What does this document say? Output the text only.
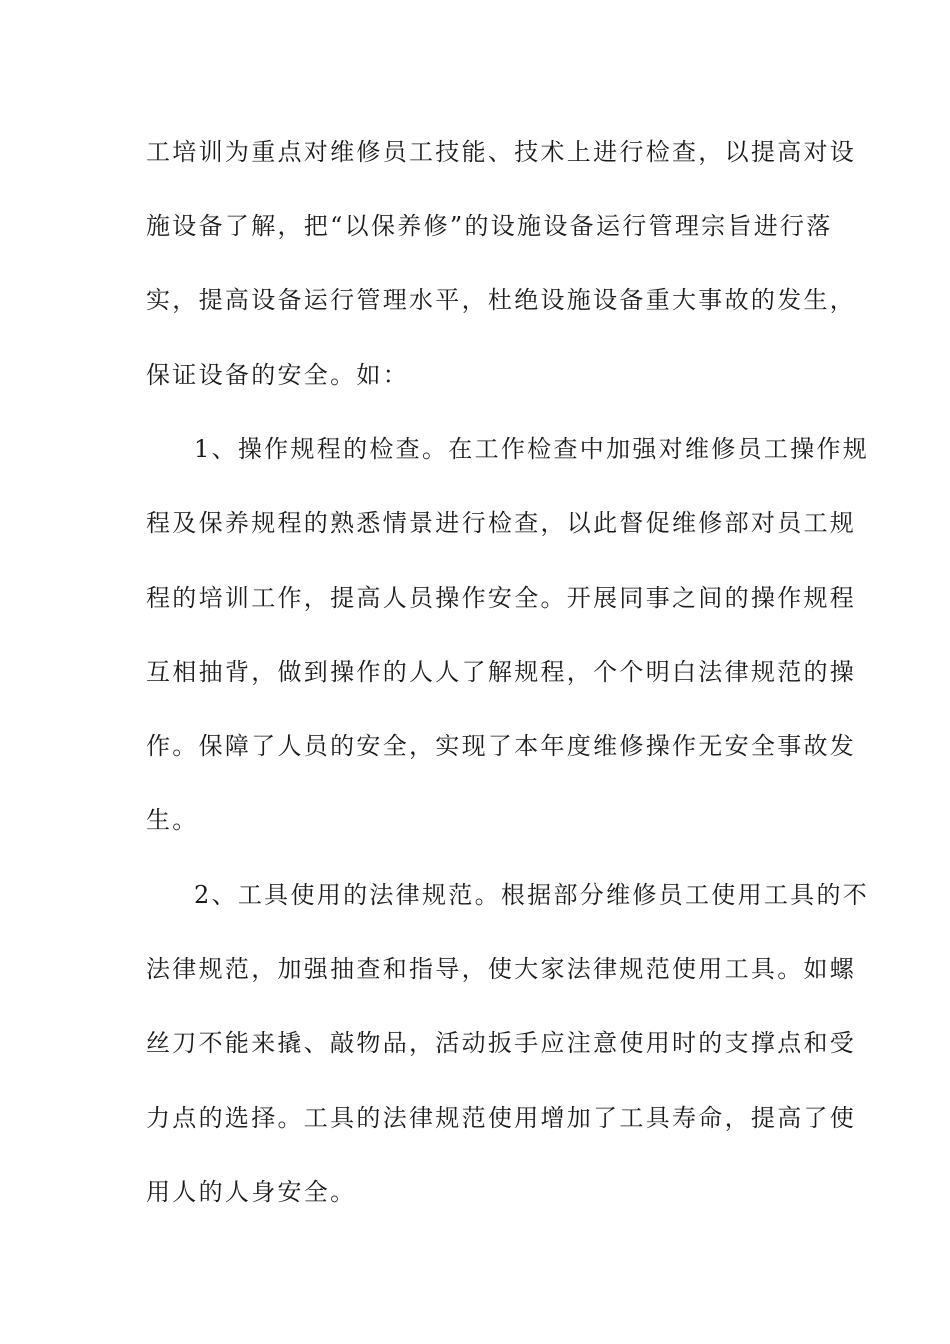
工培训为重点对维修员工技能、技术上进行检查，以提高对设
施设备了解，把“以保养修”的设施设备运行管理宗旨进行落
实，提高设备运行管理水平，杜绝设施设备重大事故的发生，
保证设备的安全。如：
1、操作规程的检查。在工作检查中加强对维修员工操作规
程及保养规程的熟悉情景进行检查，以此督促维修部对员工规
程的培训工作，提高人员操作安全。开展同事之间的操作规程
互相抽背，做到操作的人人了解规程，个个明白法律规范的操
作。保障了人员的安全，实现了本年度维修操作无安全事故发
生。
2、工具使用的法律规范。根据部分维修员工使用工具的不
法律规范，加强抽查和指导，使大家法律规范使用工具。如螺
丝刀不能来撬、敲物品，活动扳手应注意使用时的支撑点和受
力点的选择。工具的法律规范使用增加了工具寿命，提高了使
用人的人身安全。
